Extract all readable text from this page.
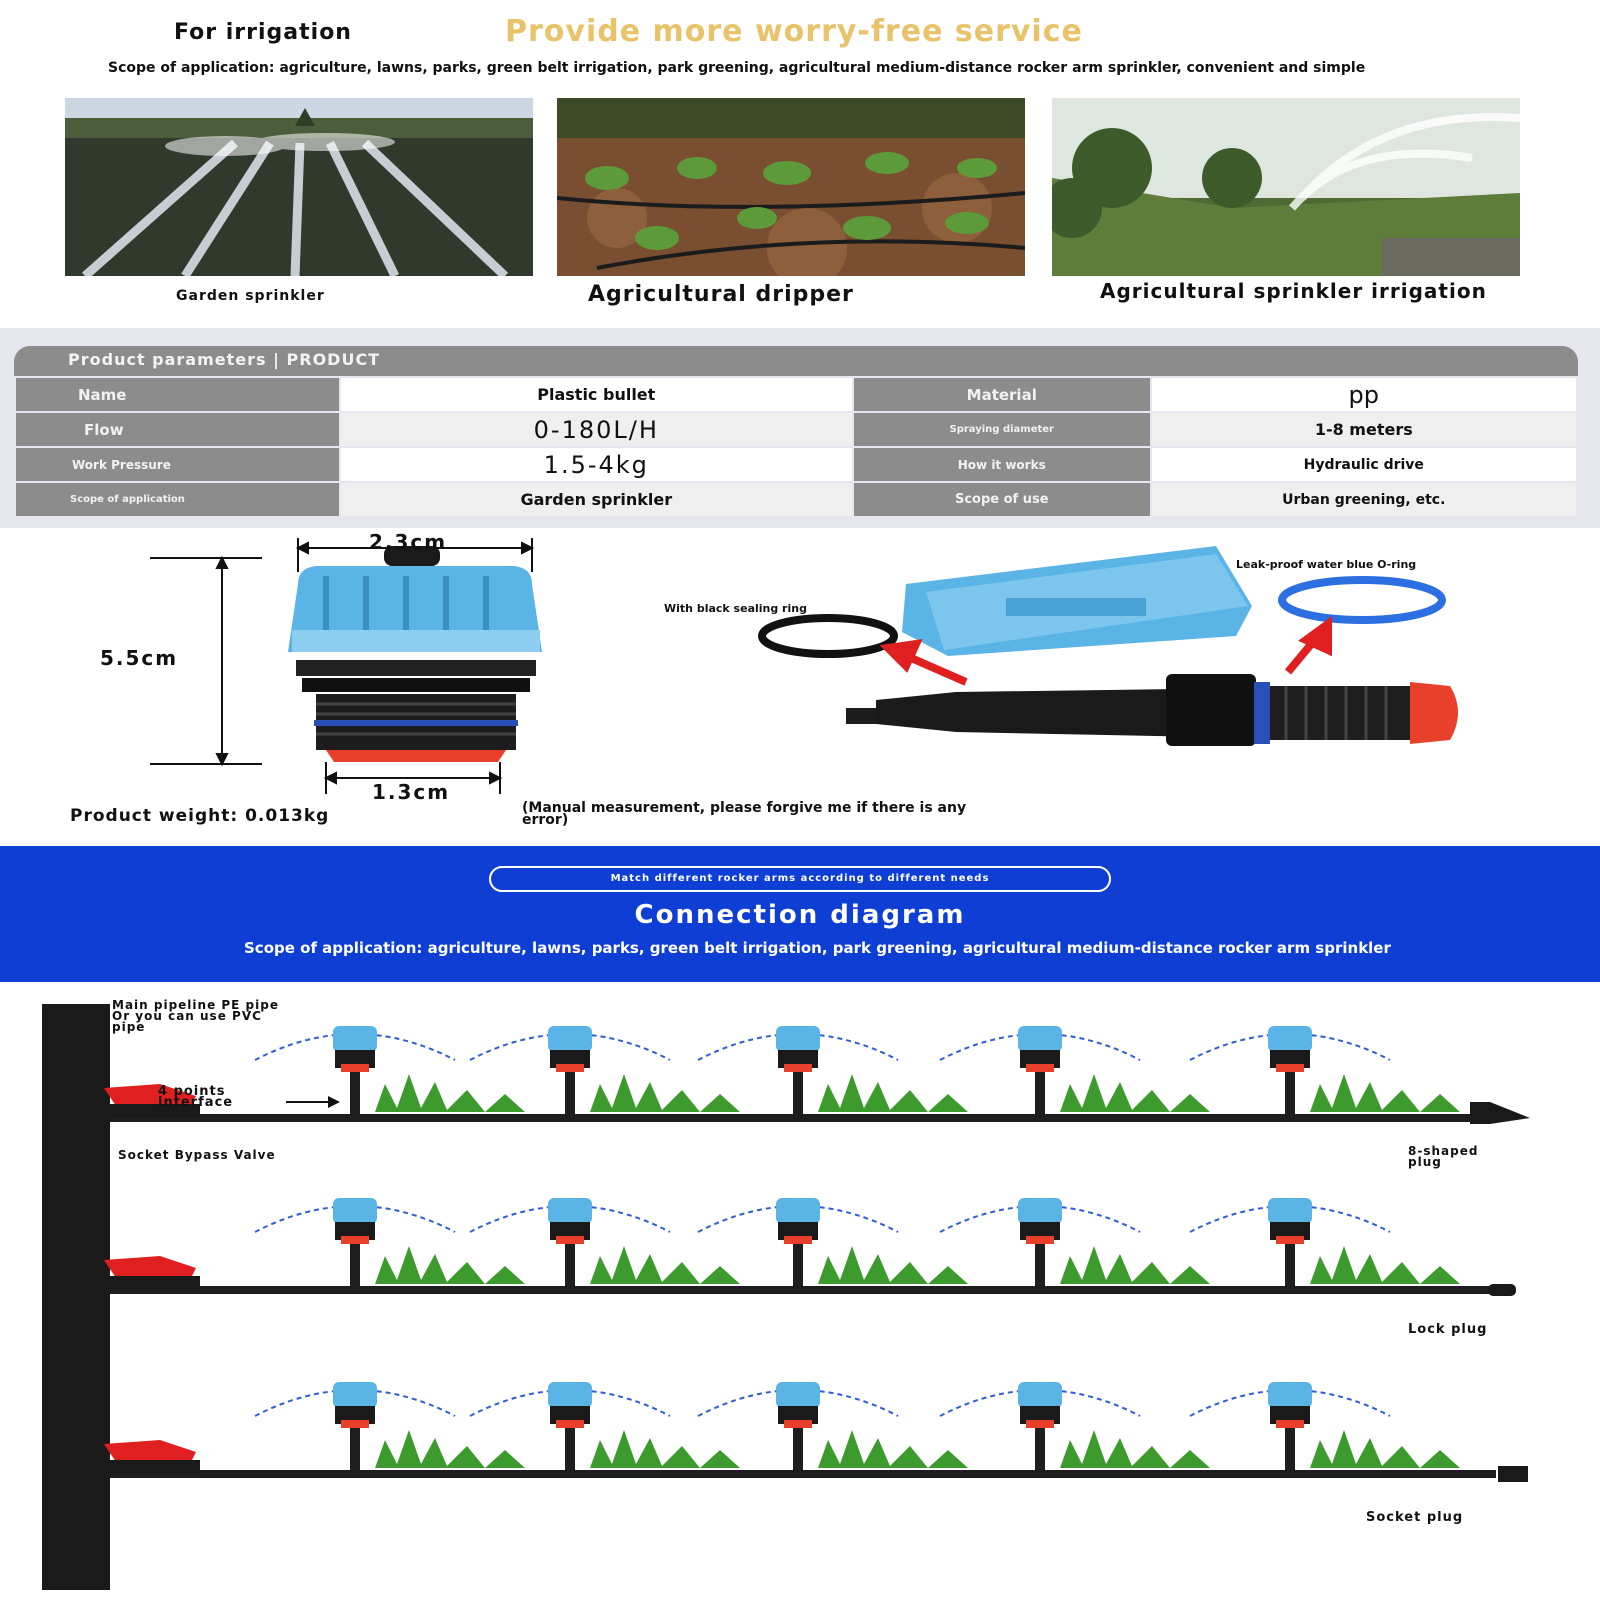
For irrigation	Provide more worry-free service
Scope of application: agriculture, lawns, parks, green belt irrigation, park greening, agricultural medium-distance rocker arm sprinkler, convenient and simple
Garden sprinkler	Agricultural dripper	Agricultural sprinkler irrigation
Product parameters | PRODUCT
Name	Plastic bullet	Material	pp
Flow	0-180L/H	Spraying diameter	1-8 meters
Work Pressure	1.5-4kg	How it works	Hydraulic drive
Scope of application	Garden sprinkler	Scope of use	Urban greening, etc.
With black sealing ring
Leak-proof water blue O-ring
2.3cm
5.5cm
1.3cm
Product weight: 0.013kg	(Manual measurement, please forgive me if there is any error)
Match different rocker arms according to different needs
Connection diagram
Scope of application: agriculture, lawns, parks, green belt irrigation, park greening, agricultural medium-distance rocker arm sprinkler
Main pipeline PE pipe Or you can use PVC pipe
4 points interface
Socket Bypass Valve	8-shaped plug
Lock plug
Socket plug
